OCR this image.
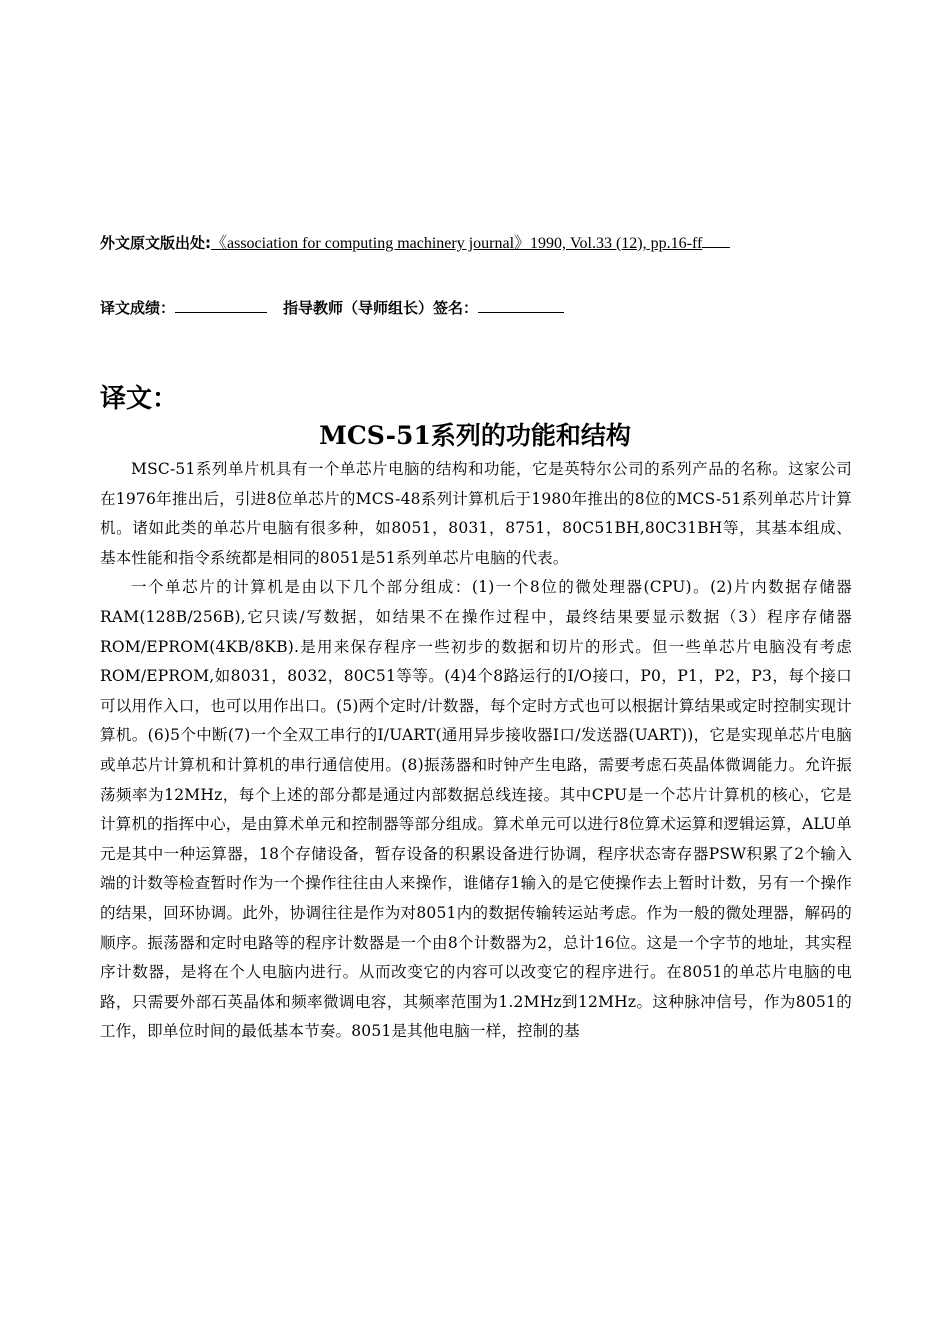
外文原文版出处:《association for computing machinery journal》1990, Vol.33 (12), pp.16-ff
译文成绩：	指导教师（导师组长）签名：
译文：
MCS-51系列的功能和结构

MSC-51系列单片机具有一个单芯片电脑的结构和功能，它是英特尔公司的系列产品的名称。这家公司在1976年推出后，引进8位单芯片的MCS-48系列计算机后于1980年推出的8位的MCS-51系列单芯片计算机。诸如此类的单芯片电脑有很多种，如8051，8031，8751，80C51BH,80C31BH等，其基本组成、基本性能和指令系统都是相同的8051是51系列单芯片电脑的代表。

一个单芯片的计算机是由以下几个部分组成：(1)一个8位的微处理器(CPU)。(2)片内数据存储器RAM(128B/256B),它只读/写数据，如结果不在操作过程中，最终结果要显示数据（3）程序存储器ROM/EPROM(4KB/8KB).是用来保存程序一些初步的数据和切片的形式。但一些单芯片电脑没有考虑ROM/EPROM,如8031，8032，80C51等等。(4)4个8路运行的I/O接口，P0，P1，P2，P3，每个接口可以用作入口，也可以用作出口。(5)两个定时/计数器，每个定时方式也可以根据计算结果或定时控制实现计算机。(6)5个中断(7)一个全双工串行的I/UART(通用异步接收器I口/发送器(UART))，它是实现单芯片电脑或单芯片计算机和计算机的串行通信使用。(8)振荡器和时钟产生电路，需要考虑石英晶体微调能力。允许振荡频率为12MHz，每个上述的部分都是通过内部数据总线连接。其中CPU是一个芯片计算机的核心，它是计算机的指挥中心，是由算术单元和控制器等部分组成。算术单元可以进行8位算术运算和逻辑运算，ALU单元是其中一种运算器，18个存储设备，暂存设备的积累设备进行协调，程序状态寄存器PSW积累了2个输入端的计数等检查暂时作为一个操作往往由人来操作，谁储存1输入的是它使操作去上暂时计数，另有一个操作的结果，回环协调。此外，协调往往是作为对8051内的数据传输转运站考虑。作为一般的微处理器，解码的顺序。振荡器和定时电路等的程序计数器是一个由8个计数器为2，总计16位。这是一个字节的地址，其实程序计数器，是将在个人电脑内进行。从而改变它的内容可以改变它的程序进行。在8051的单芯片电脑的电路，只需要外部石英晶体和频率微调电容，其频率范围为1.2MHz到12MHz。这种脉冲信号，作为8051的工作，即单位时间的最低基本节奏。8051是其他电脑一样，控制的基
